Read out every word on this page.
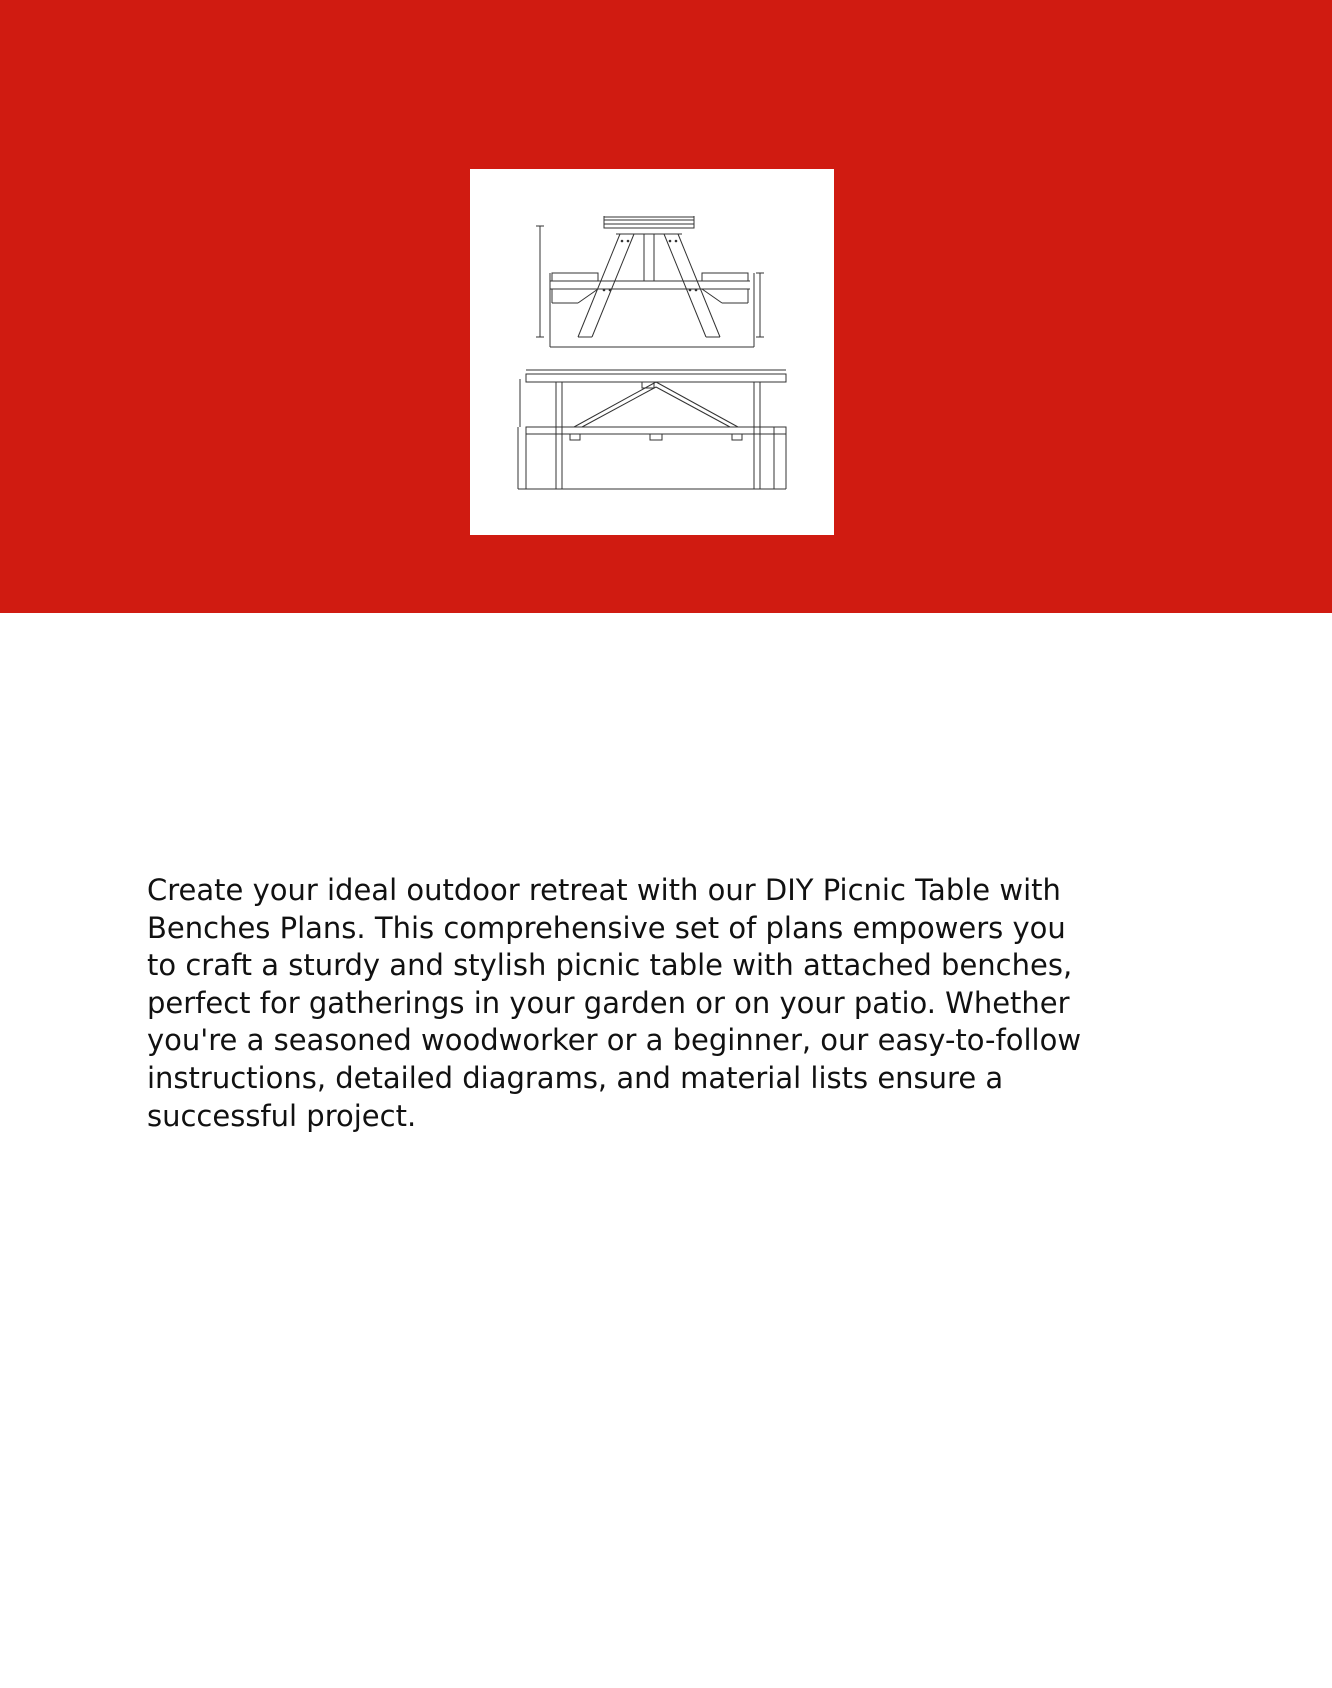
Create your ideal outdoor retreat with our DIY Picnic Table with
Benches Plans. This comprehensive set of plans empowers you
to craft a sturdy and stylish picnic table with attached benches,
perfect for gatherings in your garden or on your patio. Whether
you're a seasoned woodworker or a beginner, our easy-to-follow
instructions, detailed diagrams, and material lists ensure a
successful project.
